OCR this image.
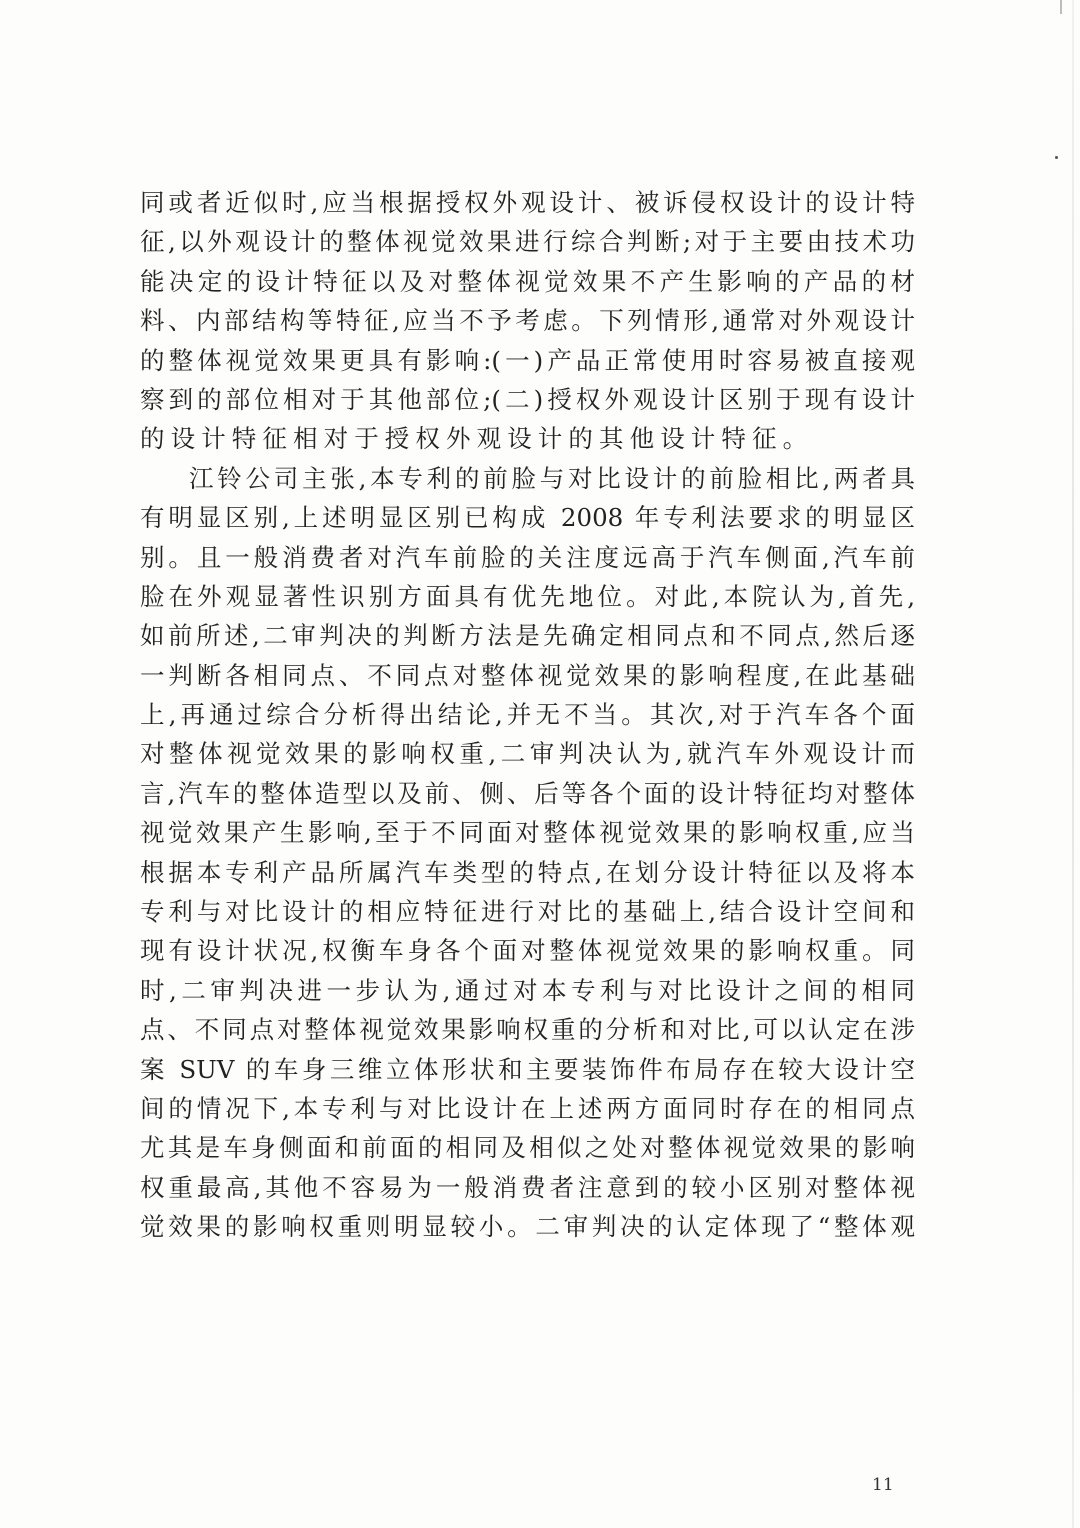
同或者近似时,应当根据授权外观设计、被诉侵权设计的设计特
征,以外观设计的整体视觉效果进行综合判断;对于主要由技术功
能决定的设计特征以及对整体视觉效果不产生影响的产品的材
料、内部结构等特征,应当不予考虑。下列情形,通常对外观设计
的整体视觉效果更具有影响:(一)产品正常使用时容易被直接观
察到的部位相对于其他部位;(二)授权外观设计区别于现有设计
的设计特征相对于授权外观设计的其他设计特征。
江铃公司主张,本专利的前脸与对比设计的前脸相比,两者具
有明显区别,上述明显区别已构成 2008 年专利法要求的明显区
别。且一般消费者对汽车前脸的关注度远高于汽车侧面,汽车前
脸在外观显著性识别方面具有优先地位。对此,本院认为,首先,
如前所述,二审判决的判断方法是先确定相同点和不同点,然后逐
一判断各相同点、不同点对整体视觉效果的影响程度,在此基础
上,再通过综合分析得出结论,并无不当。其次,对于汽车各个面
对整体视觉效果的影响权重,二审判决认为,就汽车外观设计而
言,汽车的整体造型以及前、侧、后等各个面的设计特征均对整体
视觉效果产生影响,至于不同面对整体视觉效果的影响权重,应当
根据本专利产品所属汽车类型的特点,在划分设计特征以及将本
专利与对比设计的相应特征进行对比的基础上,结合设计空间和
现有设计状况,权衡车身各个面对整体视觉效果的影响权重。同
时,二审判决进一步认为,通过对本专利与对比设计之间的相同
点、不同点对整体视觉效果影响权重的分析和对比,可以认定在涉
案 SUV 的车身三维立体形状和主要装饰件布局存在较大设计空
间的情况下,本专利与对比设计在上述两方面同时存在的相同点
尤其是车身侧面和前面的相同及相似之处对整体视觉效果的影响
权重最高,其他不容易为一般消费者注意到的较小区别对整体视
觉效果的影响权重则明显较小。二审判决的认定体现了“整体观
11
